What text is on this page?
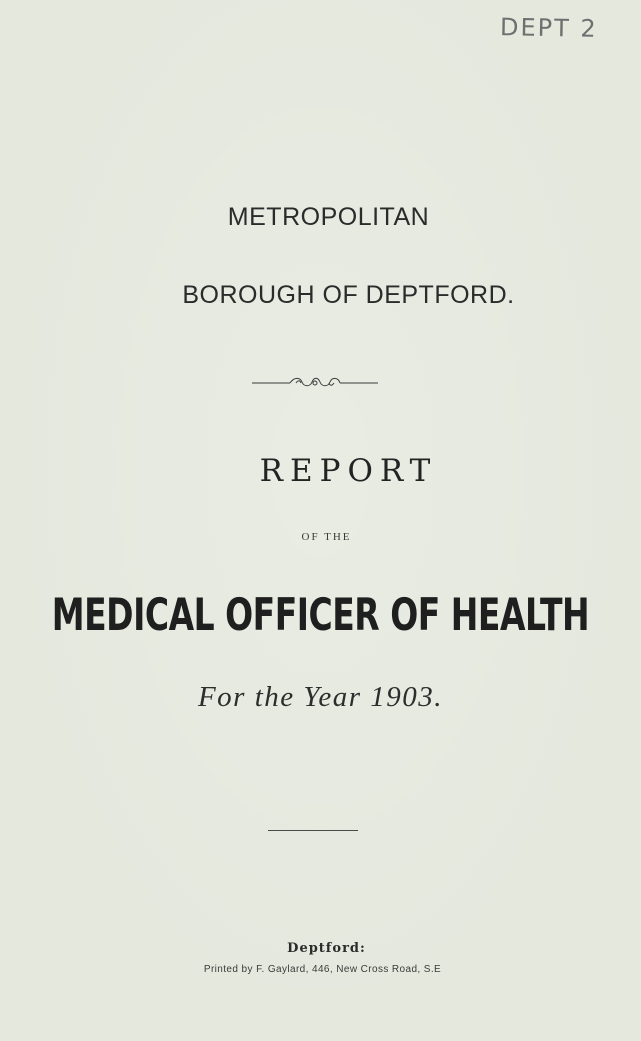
DEPT 2
METROPOLITAN
BOROUGH OF DEPTFORD.
REPORT
OF THE
MEDICAL OFFICER OF HEALTH
For the Year 1903.
Deptford:
Printed by F. Gaylard, 446, New Cross Road, S.E
